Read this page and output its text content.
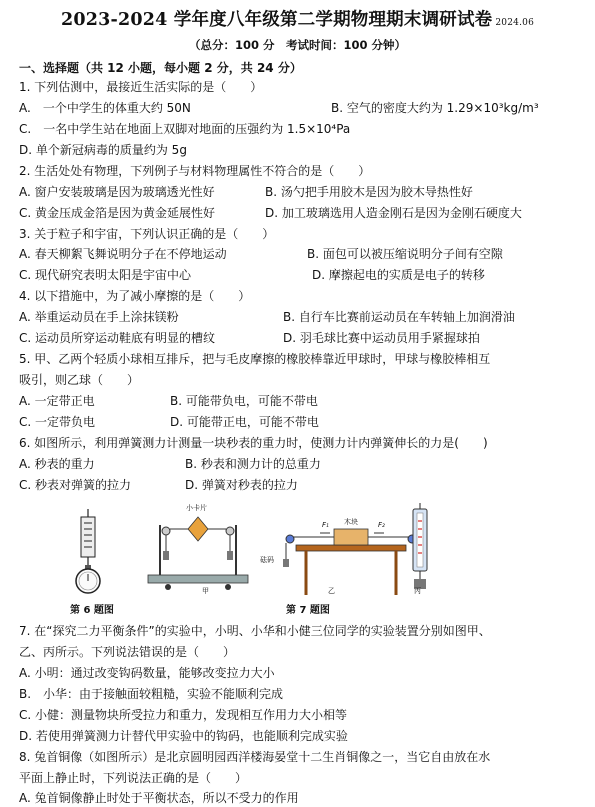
2023-2024 学年度八年级第二学期物理期末调研试卷 2024.06
（总分：100 分　考试时间：100 分钟）
一、选择题（共 12 小题，每小题 2 分，共 24 分）
1. 下列估测中，最接近生活实际的是（　　）
A.　一个中学生的体重大约 50N	B. 空气的密度大约为 1.29×10³kg/m³
C.　一名中学生站在地面上双脚对地面的压强约为 1.5×10⁴Pa
D. 单个新冠病毒的质量约为 5g
2. 生活处处有物理，下列例子与材料物理属性不符合的是（　　）
A. 窗户安装玻璃是因为玻璃透光性好	B. 汤勺把手用胶木是因为胶木导热性好
C. 黄金压成金箔是因为黄金延展性好	D. 加工玻璃选用人造金刚石是因为金刚石硬度大
3. 关于粒子和宇宙，下列认识正确的是（　　）
A. 春天柳絮飞舞说明分子在不停地运动	B. 面包可以被压缩说明分子间有空隙
C. 现代研究表明太阳是宇宙中心	D. 摩擦起电的实质是电子的转移
4. 以下措施中，为了减小摩擦的是（　　）
A. 举重运动员在手上涂抹镁粉	B. 自行车比赛前运动员在车转轴上加润滑油
C. 运动员所穿运动鞋底有明显的槽纹	D. 羽毛球比赛中运动员用手紧握球拍
5. 甲、乙两个轻质小球相互排斥，把与毛皮摩擦的橡胶棒靠近甲球时，甲球与橡胶棒相互
吸引，则乙球（　　）
A. 一定带正电	B. 可能带负电，可能不带电
C. 一定带负电	D. 可能带正电，可能不带电
6. 如图所示，利用弹簧测力计测量一块秒表的重力时，使测力计内弹簧伸长的力是(　　)
A. 秒表的重力	B. 秒表和测力计的总重力
C. 秒表对弹簧的拉力	D. 弹簧对秒表的拉力
小卡片
木块
砝码
F₁	F₂
甲	乙	丙
第 6 题图	第 7 题图
7. 在“探究二力平衡条件”的实验中，小明、小华和小健三位同学的实验装置分别如图甲、
乙、丙所示。下列说法错误的是（　　）
A. 小明：通过改变钩码数量，能够改变拉力大小
B.　小华：由于接触面较粗糙，实验不能顺利完成
C. 小健：测量物块所受拉力和重力，发现相互作用力大小相等
D. 若使用弹簧测力计替代甲实验中的钩码，也能顺利完成实验
8. 兔首铜像（如图所示）是北京圆明园西洋楼海晏堂十二生肖铜像之一，当它自由放在水
平面上静止时，下列说法正确的是（　　）
A. 兔首铜像静止时处于平衡状态，所以不受力的作用
